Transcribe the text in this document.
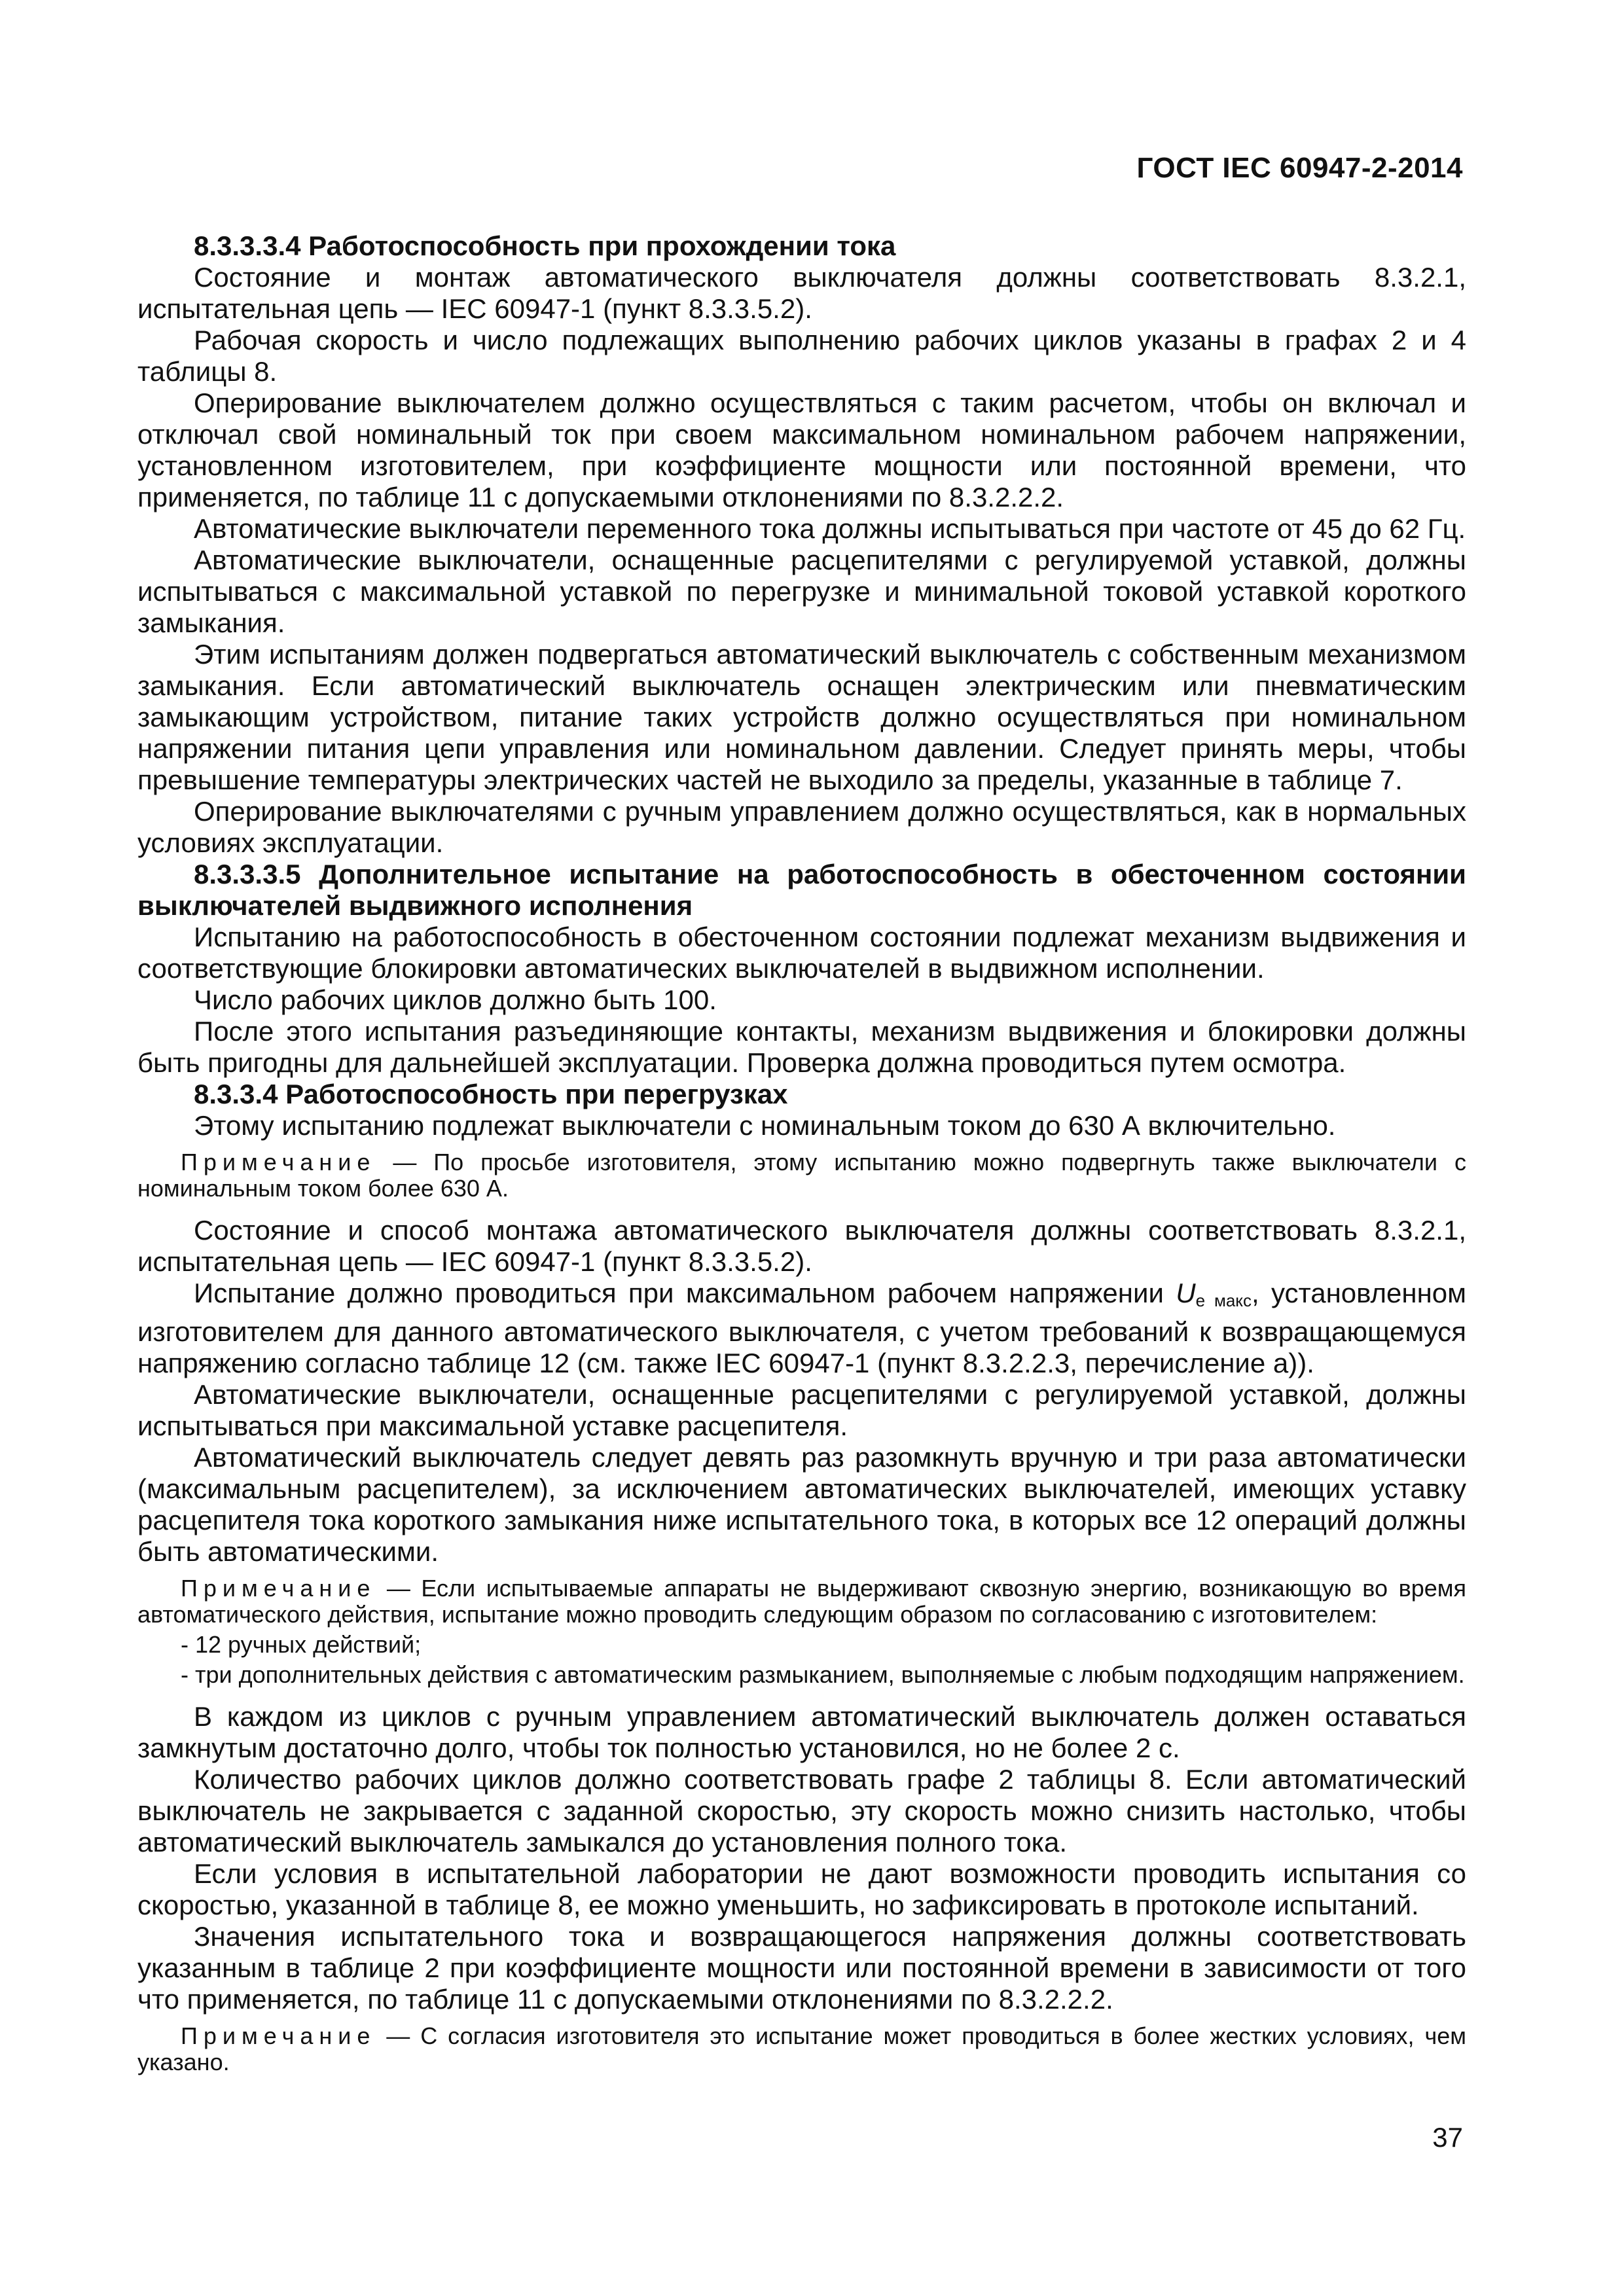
ГОСТ IEC 60947-2-2014
8.3.3.3.4 Работоспособность при прохождении тока
Состояние и монтаж автоматического выключателя должны соответствовать 8.3.2.1, испытательная цепь — IEC 60947-1 (пункт 8.3.3.5.2).
Рабочая скорость и число подлежащих выполнению рабочих циклов указаны в графах 2 и 4 таблицы 8.
Оперирование выключателем должно осуществляться с таким расчетом, чтобы он включал и отключал свой номинальный ток при своем максимальном номинальном рабочем напряжении, установленном изготовителем, при коэффициенте мощности или постоянной времени, что применяется, по таблице 11 с допускаемыми отклонениями по 8.3.2.2.2.
Автоматические выключатели переменного тока должны испытываться при частоте от 45 до 62 Гц.
Автоматические выключатели, оснащенные расцепителями с регулируемой уставкой, должны испытываться с максимальной уставкой по перегрузке и минимальной токовой уставкой короткого замыкания.
Этим испытаниям должен подвергаться автоматический выключатель с собственным механизмом замыкания. Если автоматический выключатель оснащен электрическим или пневматическим замыкающим устройством, питание таких устройств должно осуществляться при номинальном напряжении питания цепи управления или номинальном давлении. Следует принять меры, чтобы превышение температуры электрических частей не выходило за пределы, указанные в таблице 7.
Оперирование выключателями с ручным управлением должно осуществляться, как в нормальных условиях эксплуатации.
8.3.3.3.5 Дополнительное испытание на работоспособность в обесточенном состоянии выключателей выдвижного исполнения
Испытанию на работоспособность в обесточенном состоянии подлежат механизм выдвижения и соответствующие блокировки автоматических выключателей в выдвижном исполнении.
Число рабочих циклов должно быть 100.
После этого испытания разъединяющие контакты, механизм выдвижения и блокировки должны быть пригодны для дальнейшей эксплуатации. Проверка должна проводиться путем осмотра.
8.3.3.4 Работоспособность при перегрузках
Этому испытанию подлежат выключатели с номинальным током до 630 А включительно.
Примечание — По просьбе изготовителя, этому испытанию можно подвергнуть также выключатели с номинальным током более 630 А.
Состояние и способ монтажа автоматического выключателя должны соответствовать 8.3.2.1, испытательная цепь — IEC 60947-1 (пункт 8.3.3.5.2).
Испытание должно проводиться при максимальном рабочем напряжении $U_{e макс}$, установленном изготовителем для данного автоматического выключателя, с учетом требований к возвращающемуся напряжению согласно таблице 12 (см. также IEC 60947-1 (пункт 8.3.2.2.3, перечисление а)).
Автоматические выключатели, оснащенные расцепителями с регулируемой уставкой, должны испытываться при максимальной уставке расцепителя.
Автоматический выключатель следует девять раз разомкнуть вручную и три раза автоматически (максимальным расцепителем), за исключением автоматических выключателей, имеющих уставку расцепителя тока короткого замыкания ниже испытательного тока, в которых все 12 операций должны быть автоматическими.
Примечание — Если испытываемые аппараты не выдерживают сквозную энергию, возникающую во время автоматического действия, испытание можно проводить следующим образом по согласованию с изготовителем:
- 12 ручных действий;
- три дополнительных действия с автоматическим размыканием, выполняемые с любым подходящим напряжением.
В каждом из циклов с ручным управлением автоматический выключатель должен оставаться замкнутым достаточно долго, чтобы ток полностью установился, но не более 2 с.
Количество рабочих циклов должно соответствовать графе 2 таблицы 8. Если автоматический выключатель не закрывается с заданной скоростью, эту скорость можно снизить настолько, чтобы автоматический выключатель замыкался до установления полного тока.
Если условия в испытательной лаборатории не дают возможности проводить испытания со скоростью, указанной в таблице 8, ее можно уменьшить, но зафиксировать в протоколе испытаний.
Значения испытательного тока и возвращающегося напряжения должны соответствовать указанным в таблице 2 при коэффициенте мощности или постоянной времени в зависимости от того что применяется, по таблице 11 с допускаемыми отклонениями по 8.3.2.2.2.
Примечание — С согласия изготовителя это испытание может проводиться в более жестких условиях, чем указано.
37
